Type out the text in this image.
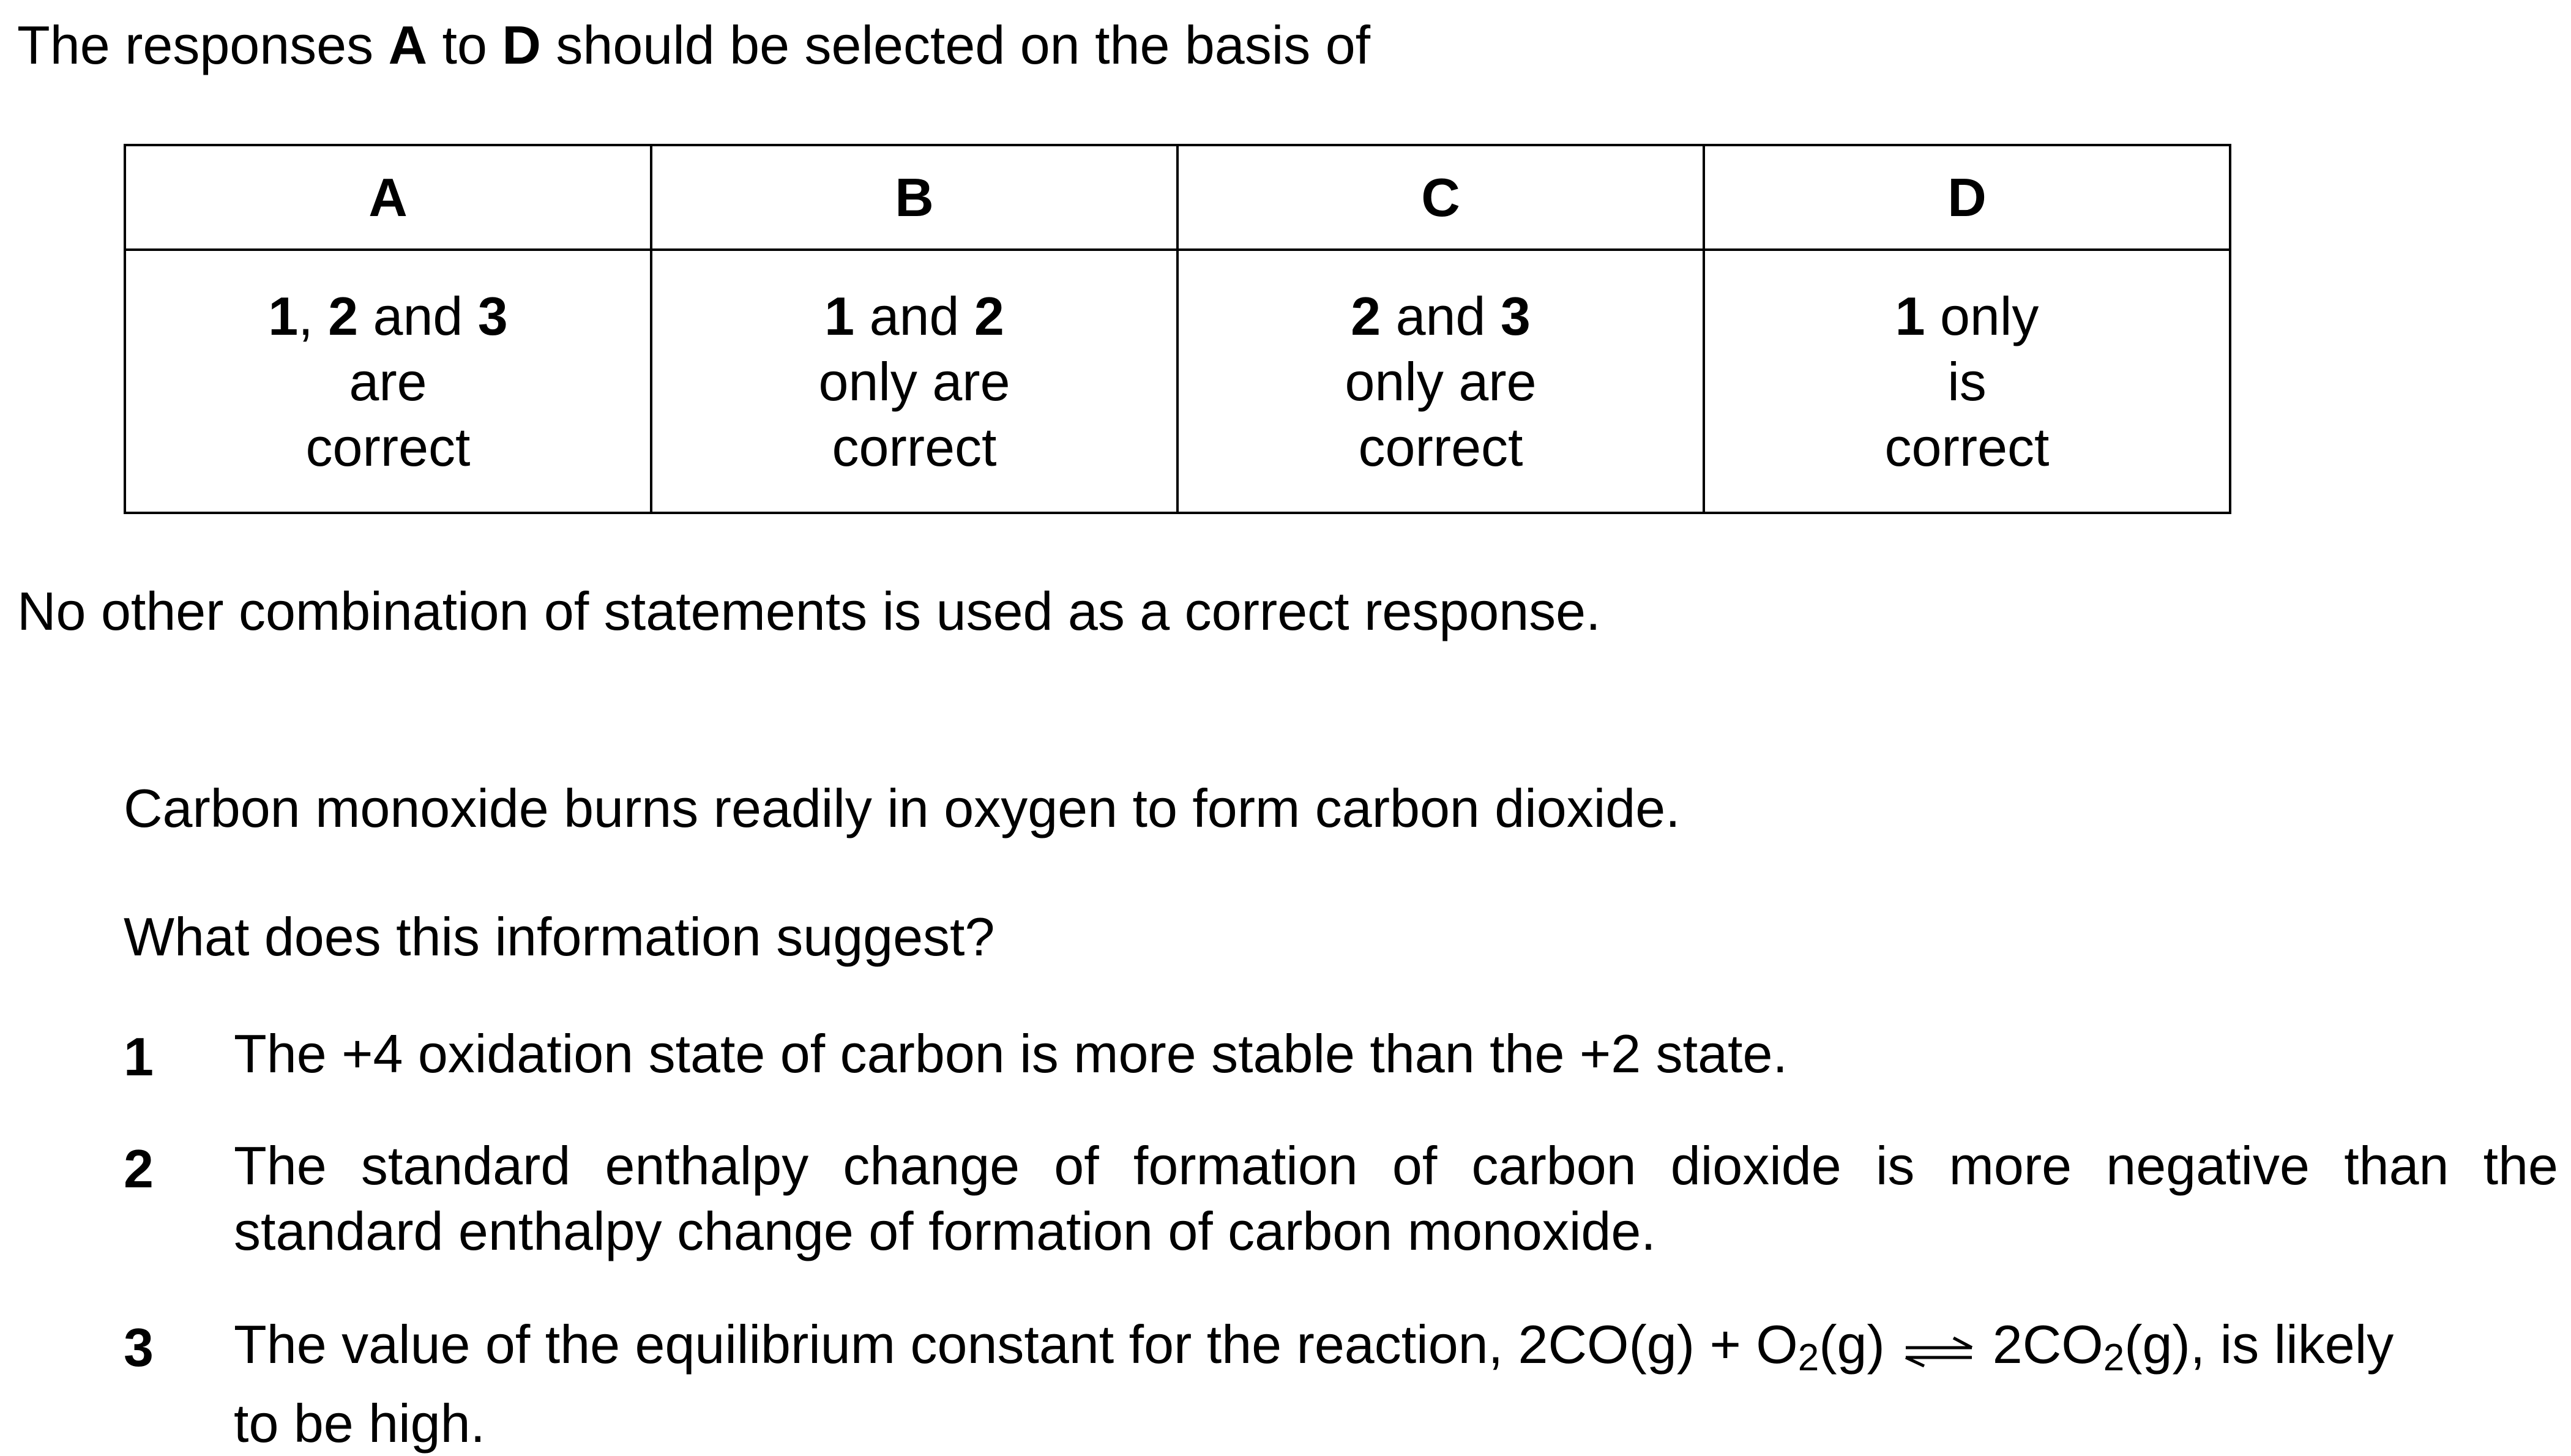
The responses A to D should be selected on the basis of
A	B	C	D

1, 2 and 3
are
correct	1 and 2
only are
correct	2 and 3
only are
correct	1 only
is
correct
No other combination of statements is used as a correct response.
Carbon monoxide burns readily in oxygen to form carbon dioxide.
What does this information suggest?
1 The +4 oxidation state of carbon is more stable than the +2 state.
2 The standard enthalpy change of formation of carbon dioxide is more negative than the
standard enthalpy change of formation of carbon monoxide.
3 The value of the equilibrium constant for the reaction, 2CO(g) + O2(g) ⇌ 2CO2(g), is likely
to be high.
